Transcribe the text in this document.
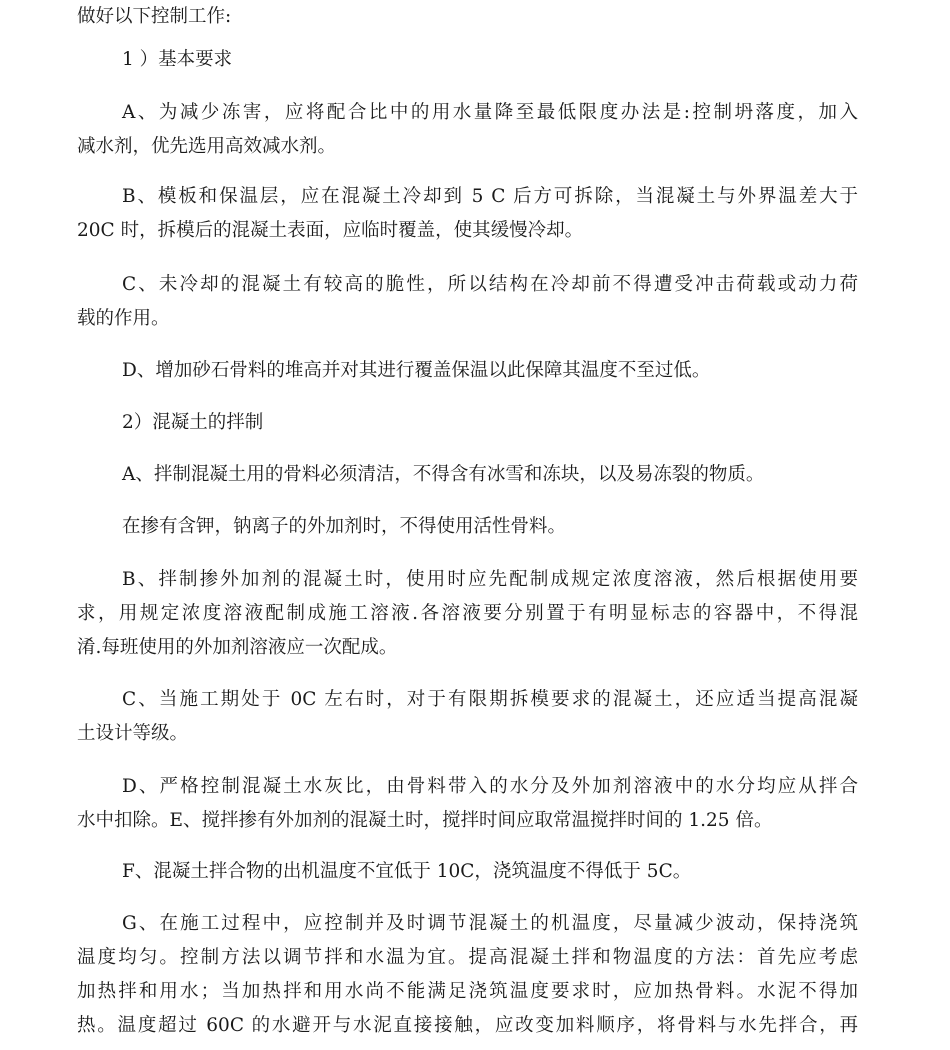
做好以下控制工作:
1 ）基本要求
A、为减少冻害，应将配合比中的用水量降至最低限度办法是:控制坍落度，加入
减水剂，优先选用高效减水剂。
B、模板和保温层，应在混凝土冷却到 5 C 后方可拆除，当混凝土与外界温差大于
20C 时，拆模后的混凝土表面，应临时覆盖，使其缓慢冷却。
C、未冷却的混凝土有较高的脆性，所以结构在冷却前不得遭受冲击荷载或动力荷
载的作用。
D、增加砂石骨料的堆高并对其进行覆盖保温以此保障其温度不至过低。
2）混凝土的拌制
A、拌制混凝土用的骨料必须清洁，不得含有冰雪和冻块，以及易冻裂的物质。
在掺有含钾，钠离子的外加剂时，不得使用活性骨料。
B、拌制掺外加剂的混凝土时，使用时应先配制成规定浓度溶液，然后根据使用要
求，用规定浓度溶液配制成施工溶液.各溶液要分别置于有明显标志的容器中，不得混
淆.每班使用的外加剂溶液应一次配成。
C、当施工期处于 0C 左右时，对于有限期拆模要求的混凝土，还应适当提高混凝
土设计等级。
D、严格控制混凝土水灰比，由骨料带入的水分及外加剂溶液中的水分均应从拌合
水中扣除。E、搅拌掺有外加剂的混凝土时，搅拌时间应取常温搅拌时间的 1.25 倍。
F、混凝土拌合物的出机温度不宜低于 10C，浇筑温度不得低于 5C。
G、在施工过程中，应控制并及时调节混凝土的机温度，尽量减少波动，保持浇筑
温度均匀。控制方法以调节拌和水温为宜。提高混凝土拌和物温度的方法：首先应考虑
加热拌和用水；当加热拌和用水尚不能满足浇筑温度要求时，应加热骨料。水泥不得加
热。温度超过 60C 的水避开与水泥直接接触，应改变加料顺序，将骨料与水先拌合，再
